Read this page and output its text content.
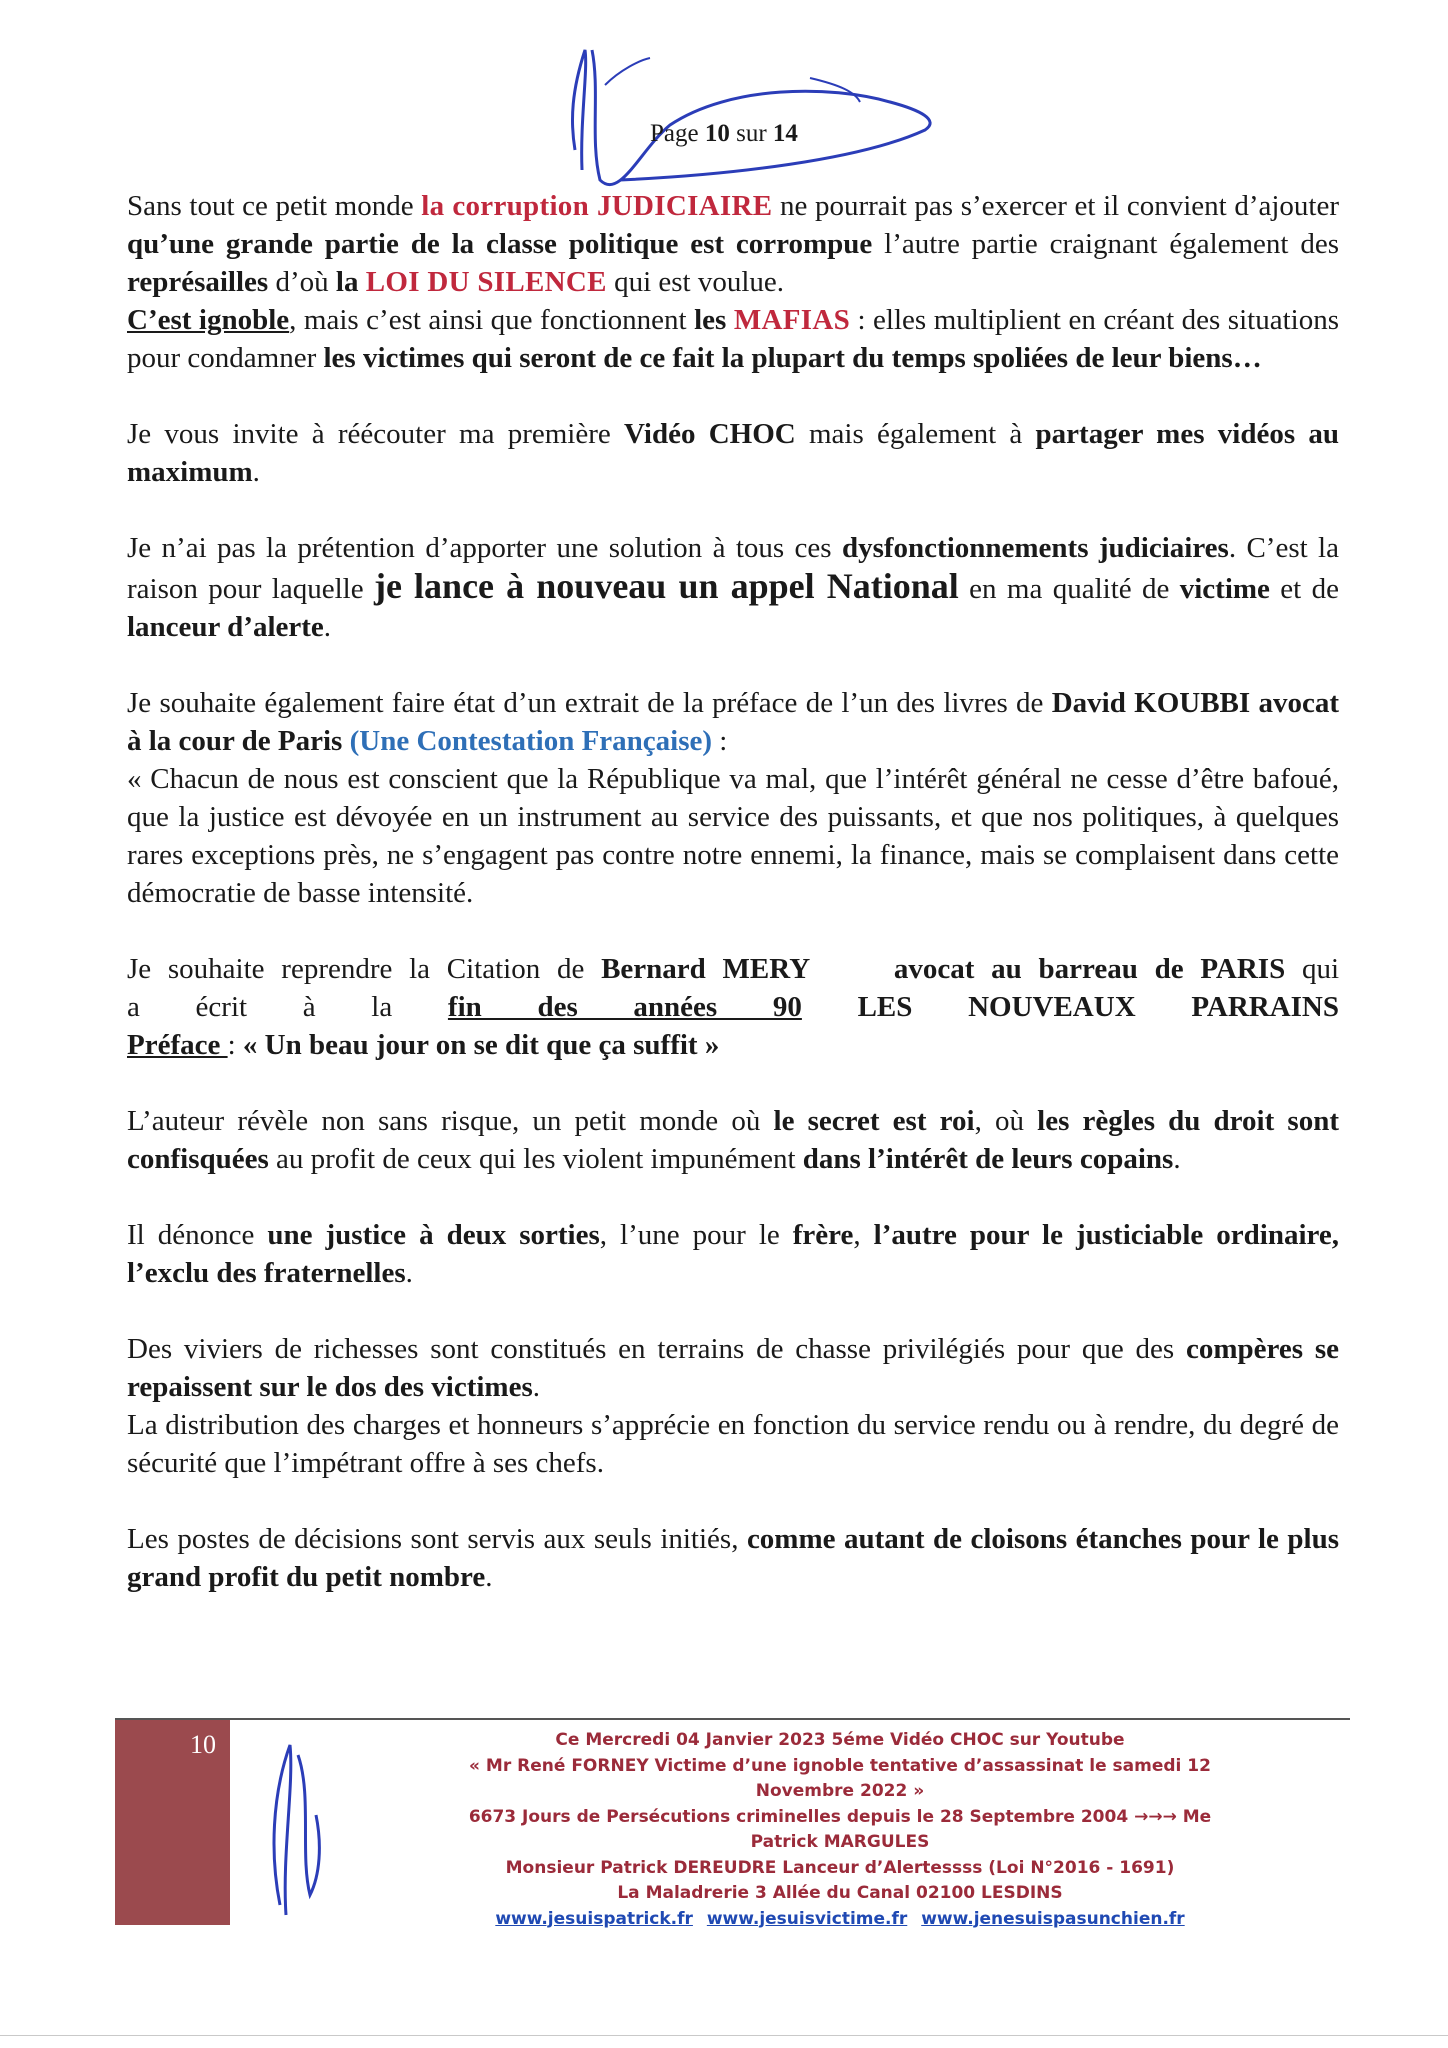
Page 10 sur 14

Sans tout ce petit monde la corruption JUDICIAIRE ne pourrait pas s’exercer et il convient d’ajouter qu’une grande partie de la classe politique est corrompue l’autre partie craignant également des représailles d’où la LOI DU SILENCE qui est voulue.

C’est ignoble, mais c’est ainsi que fonctionnent les MAFIAS : elles multiplient en créant des situations pour condamner les victimes qui seront de ce fait la plupart du temps spoliées de leur biens…

Je vous invite à réécouter ma première Vidéo CHOC mais également à partager mes vidéos au maximum.

Je n’ai pas la prétention d’apporter une solution à tous ces dysfonctionnements judiciaires. C’est la raison pour laquelle je lance à nouveau un appel National en ma qualité de victime et de lanceur d’alerte.

Je souhaite également faire état d’un extrait de la préface de l’un des livres de David KOUBBI avocat à la cour de Paris (Une Contestation Française) :

« Chacun de nous est conscient que la République va mal, que l’intérêt général ne cesse d’être bafoué, que la justice est dévoyée en un instrument au service des puissants, et que nos politiques, à quelques rares exceptions près, ne s’engagent pas contre notre ennemi, la finance, mais se complaisent dans cette démocratie de basse intensité.

Je souhaite reprendre la Citation de Bernard MERY	avocat au barreau de PARIS qui
a écrit à la fin des années 90 LES NOUVEAUX PARRAINS

Préface : « Un beau jour on se dit que ça suffit »

L’auteur révèle non sans risque, un petit monde où le secret est roi, où les règles du droit sont confisquées au profit de ceux qui les violent impunément dans l’intérêt de leurs copains.

Il dénonce une justice à deux sorties, l’une pour le frère, l’autre pour le justiciable ordinaire, l’exclu des fraternelles.

Des viviers de richesses sont constitués en terrains de chasse privilégiés pour que des compères se repaissent sur le dos des victimes.

La distribution des charges et honneurs s’apprécie en fonction du service rendu ou à rendre, du degré de sécurité que l’impétrant offre à ses chefs.

Les postes de décisions sont servis aux seuls initiés, comme autant de cloisons étanches pour le plus grand profit du petit nombre.

10	Ce Mercredi 04 Janvier 2023 5éme Vidéo CHOC sur Youtube
« Mr René FORNEY Victime d’une ignoble tentative d’assassinat le samedi 12 Novembre 2022 »
6673 Jours de Persécutions criminelles depuis le 28 Septembre 2004 →→→ Me Patrick MARGULES
Monsieur Patrick DEREUDRE Lanceur d’Alertessss (Loi N°2016 - 1691)
La Maladrerie 3 Allée du Canal 02100 LESDINS
www.jesuispatrick.fr www.jesuisvictime.fr www.jenesuispasunchien.fr
